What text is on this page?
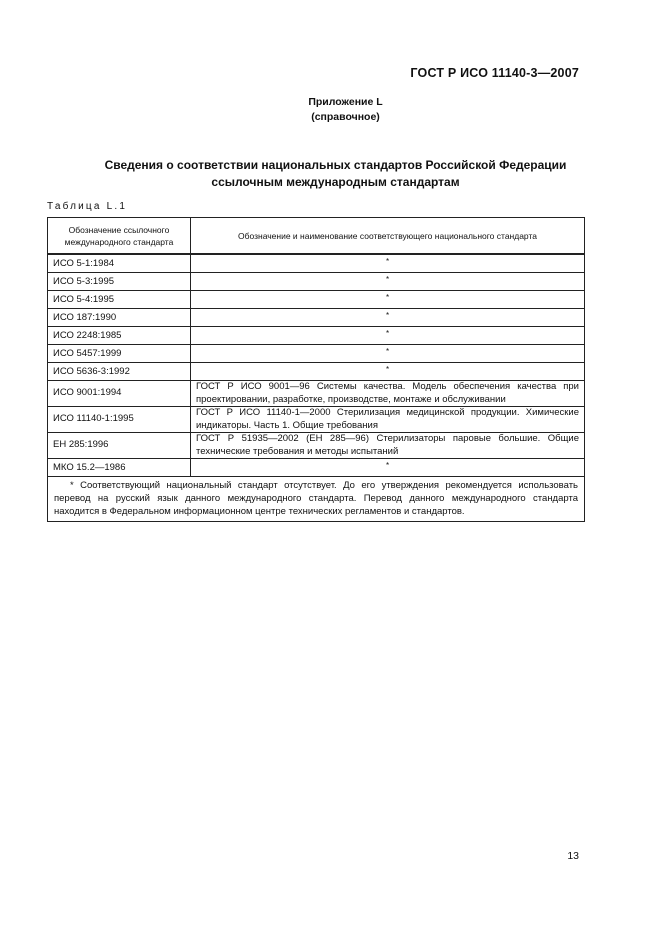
ГОСТ Р ИСО 11140-3—2007
Приложение L
(справочное)
Сведения о соответствии национальных стандартов Российской Федерации
ссылочным международным стандартам
Таблица L.1
Обозначение ссылочного международного стандарта	Обозначение и наименование соответствующего национального стандарта
ИСО 5-1:1984	*
ИСО 5-3:1995	*
ИСО 5-4:1995	*
ИСО 187:1990	*
ИСО 2248:1985	*
ИСО 5457:1999	*
ИСО 5636-3:1992	*
ИСО 9001:1994	ГОСТ Р ИСО 9001—96 Системы качества. Модель обеспечения качества при проектировании, разработке, производстве, монтаже и обслуживании
ИСО 11140-1:1995	ГОСТ Р ИСО 11140-1—2000 Стерилизация медицинской продукции. Химические индикаторы. Часть 1. Общие требования
ЕН 285:1996	ГОСТ Р 51935—2002 (ЕН 285—96) Стерилизаторы паровые большие. Общие технические требования и методы испытаний
МКО 15.2—1986	*
* Соответствующий национальный стандарт отсутствует. До его утверждения рекомендуется использовать перевод на русский язык данного международного стандарта. Перевод данного международного стандарта находится в Федеральном информационном центре технических регламентов и стандартов.	
13
